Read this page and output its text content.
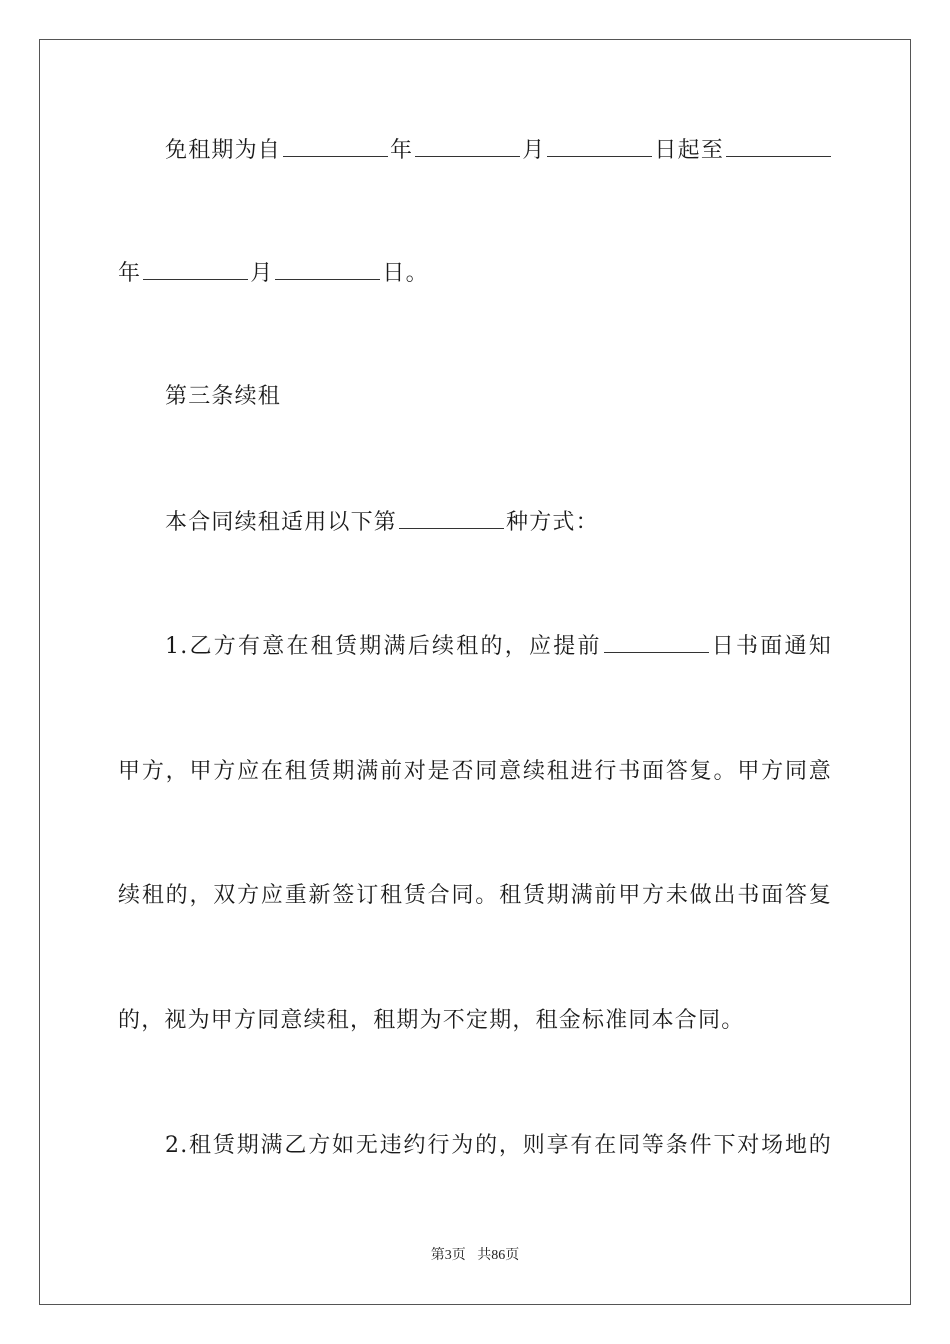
免租期为自	年	月	日起至
年	月	日。
第三条续租
本合同续租适用以下第	种方式：
1.乙方有意在租赁期满后续租的，应提前	日书面通知
甲方，甲方应在租赁期满前对是否同意续租进行书面答复。甲方同意
续租的，双方应重新签订租赁合同。租赁期满前甲方未做出书面答复
的，视为甲方同意续租，租期为不定期，租金标准同本合同。
2.租赁期满乙方如无违约行为的，则享有在同等条件下对场地的
第3页 共86页
